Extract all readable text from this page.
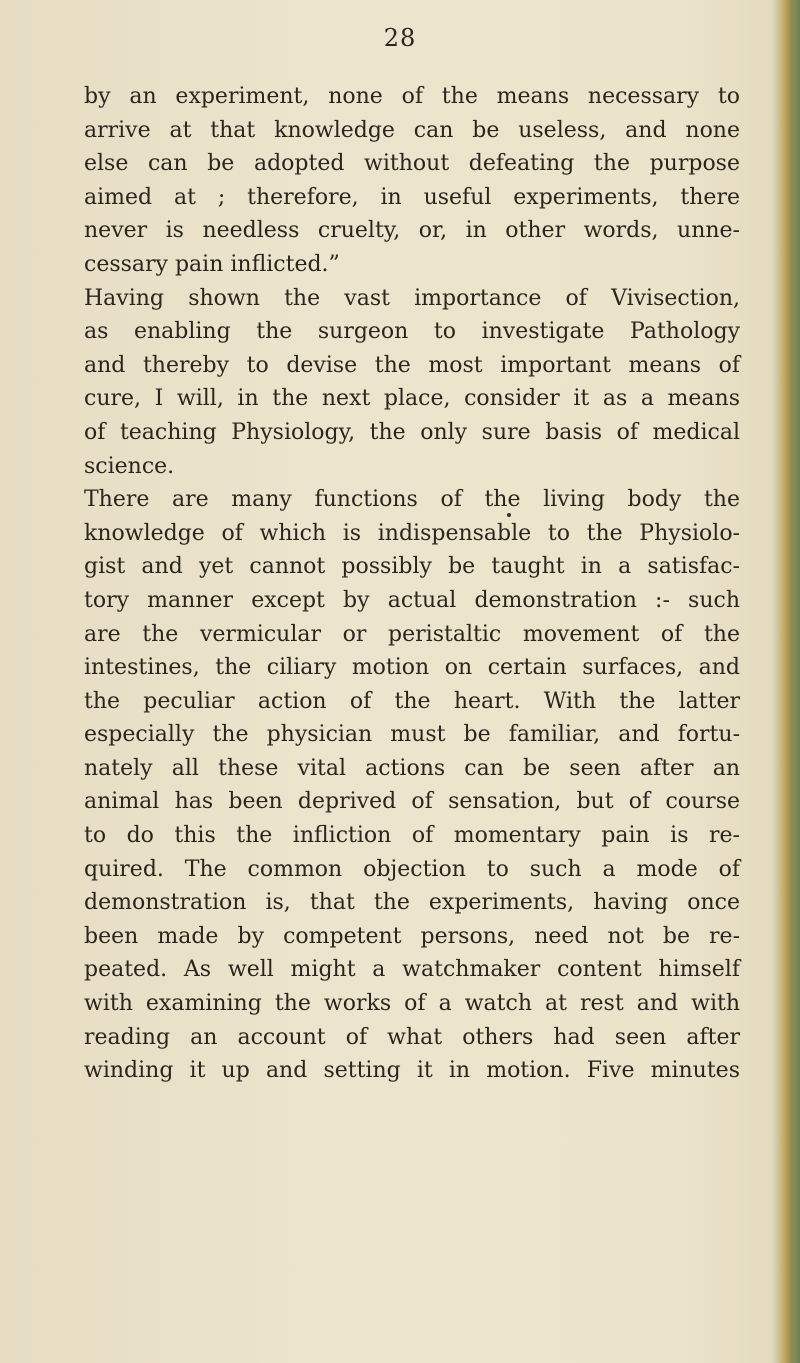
28
by an experiment, none of the means necessary to
arrive at that knowledge can be useless, and none
else can be adopted without defeating the purpose
aimed at ; therefore, in useful experiments, there
never is needless cruelty, or, in other words, unne-
cessary pain inflicted.”
Having shown the vast importance of Vivisection,
as enabling the surgeon to investigate Pathology
and thereby to devise the most important means of
cure, I will, in the next place, consider it as a means
of teaching Physiology, the only sure basis of medical
science.
There are many functions of the living body the
knowledge of which is indispensable to the Physiolo-
gist and yet cannot possibly be taught in a satisfac-
tory manner except by actual demonstration :- such
are the vermicular or peristaltic movement of the
intestines, the ciliary motion on certain surfaces, and
the peculiar action of the heart. With the latter
especially the physician must be familiar, and fortu-
nately all these vital actions can be seen after an
animal has been deprived of sensation, but of course
to do this the infliction of momentary pain is re-
quired. The common objection to such a mode of
demonstration is, that the experiments, having once
been made by competent persons, need not be re-
peated. As well might a watchmaker content himself
with examining the works of a watch at rest and with
reading an account of what others had seen after
winding it up and setting it in motion. Five minutes
